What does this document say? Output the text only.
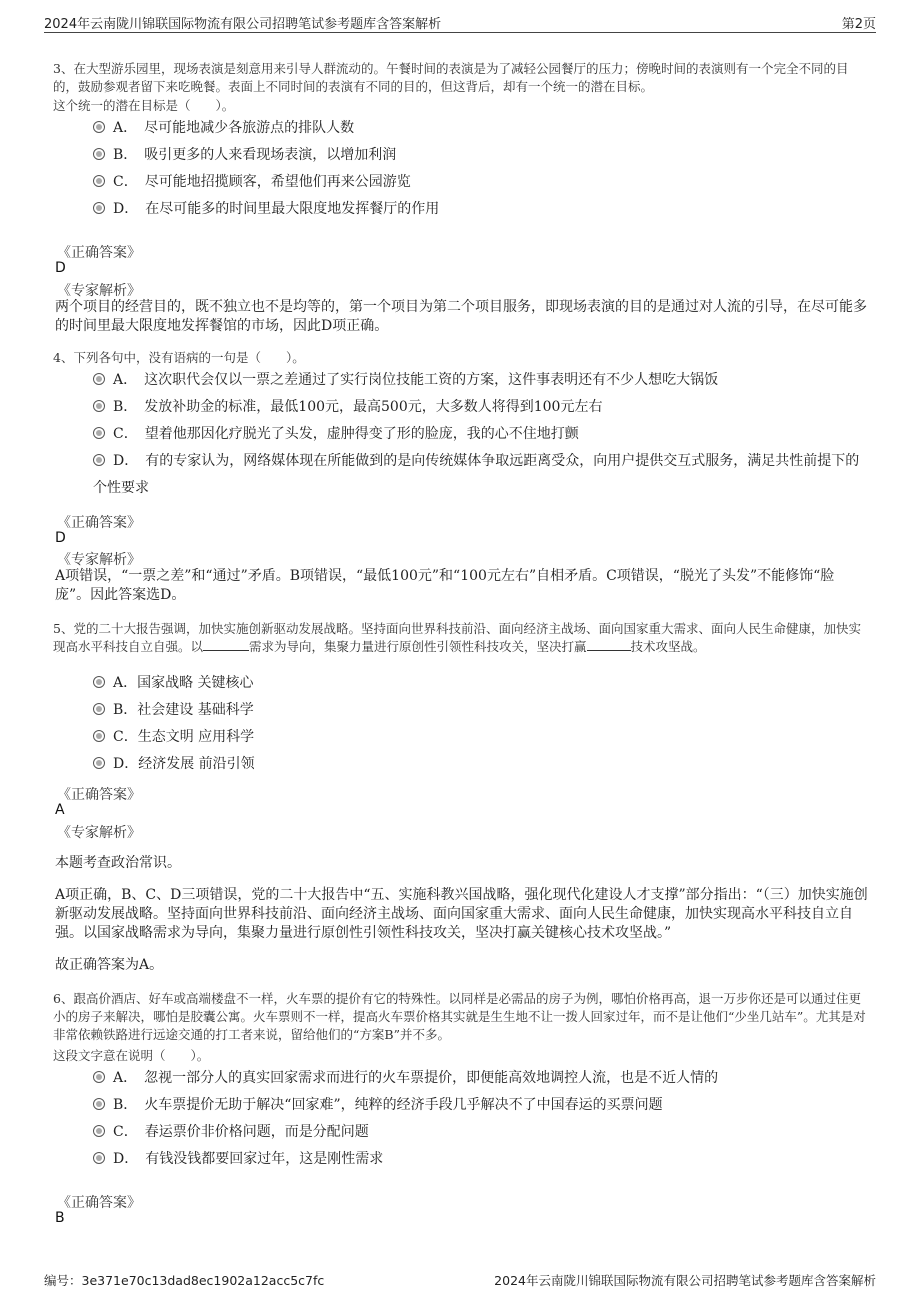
2024年云南陇川锦联国际物流有限公司招聘笔试参考题库含答案解析	第2页
3、在大型游乐园里，现场表演是刻意用来引导人群流动的。午餐时间的表演是为了减轻公园餐厅的压力；傍晚时间的表演则有一个完全不同的目的，鼓励参观者留下来吃晚餐。表面上不同时间的表演有不同的目的，但这背后，却有一个统一的潜在目标。
这个统一的潜在目标是（　　）。
A．　尽可能地减少各旅游点的排队人数
B．　吸引更多的人来看现场表演，以增加利润
C．　尽可能地招揽顾客，希望他们再来公园游览
D．　在尽可能多的时间里最大限度地发挥餐厅的作用
《正确答案》
D
《专家解析》
两个项目的经营目的，既不独立也不是均等的，第一个项目为第二个项目服务，即现场表演的目的是通过对人流的引导，在尽可能多的时间里最大限度地发挥餐馆的市场，因此D项正确。
4、下列各句中，没有语病的一句是（　　）。
A．　这次职代会仅以一票之差通过了实行岗位技能工资的方案，这件事表明还有不少人想吃大锅饭
B．　发放补助金的标准，最低100元，最高500元，大多数人将得到100元左右
C．　望着他那因化疗脱光了头发，虚肿得变了形的脸庞，我的心不住地打颤
D．　有的专家认为，网络媒体现在所能做到的是向传统媒体争取远距离受众，向用户提供交互式服务，满足共性前提下的个性要求
《正确答案》
D
《专家解析》
A项错误，“一票之差”和“通过”矛盾。B项错误，“最低100元”和“100元左右”自相矛盾。C项错误，“脱光了头发”不能修饰“脸庞”。因此答案选D。
5、党的二十大报告强调，加快实施创新驱动发展战略。坚持面向世界科技前沿、面向经济主战场、面向国家重大需求、面向人民生命健康，加快实现高水平科技自立自强。以	需求为导向，集聚力量进行原创性引领性科技攻关，坚决打赢	技术攻坚战。
A．国家战略 关键核心
B．社会建设 基础科学
C．生态文明 应用科学
D．经济发展 前沿引领
《正确答案》
A
《专家解析》
本题考查政治常识。
A项正确，B、C、D三项错误，党的二十大报告中“五、实施科教兴国战略，强化现代化建设人才支撑”部分指出：“（三）加快实施创新驱动发展战略。坚持面向世界科技前沿、面向经济主战场、面向国家重大需求、面向人民生命健康，加快实现高水平科技自立自强。以国家战略需求为导向，集聚力量进行原创性引领性科技攻关，坚决打赢关键核心技术攻坚战。”
故正确答案为A。
6、跟高价酒店、好车或高端楼盘不一样，火车票的提价有它的特殊性。以同样是必需品的房子为例，哪怕价格再高，退一万步你还是可以通过住更小的房子来解决，哪怕是胶囊公寓。火车票则不一样，提高火车票价格其实就是生生地不让一拨人回家过年，而不是让他们“少坐几站车”。尤其是对非常依赖铁路进行远途交通的打工者来说，留给他们的“方案B”并不多。
这段文字意在说明（　　）。
A．　忽视一部分人的真实回家需求而进行的火车票提价，即便能高效地调控人流，也是不近人情的
B．　火车票提价无助于解决“回家难”，纯粹的经济手段几乎解决不了中国春运的买票问题
C．　春运票价非价格问题，而是分配问题
D．　有钱没钱都要回家过年，这是刚性需求
《正确答案》
B
编号：3e371e70c13dad8ec1902a12acc5c7fc	2024年云南陇川锦联国际物流有限公司招聘笔试参考题库含答案解析
